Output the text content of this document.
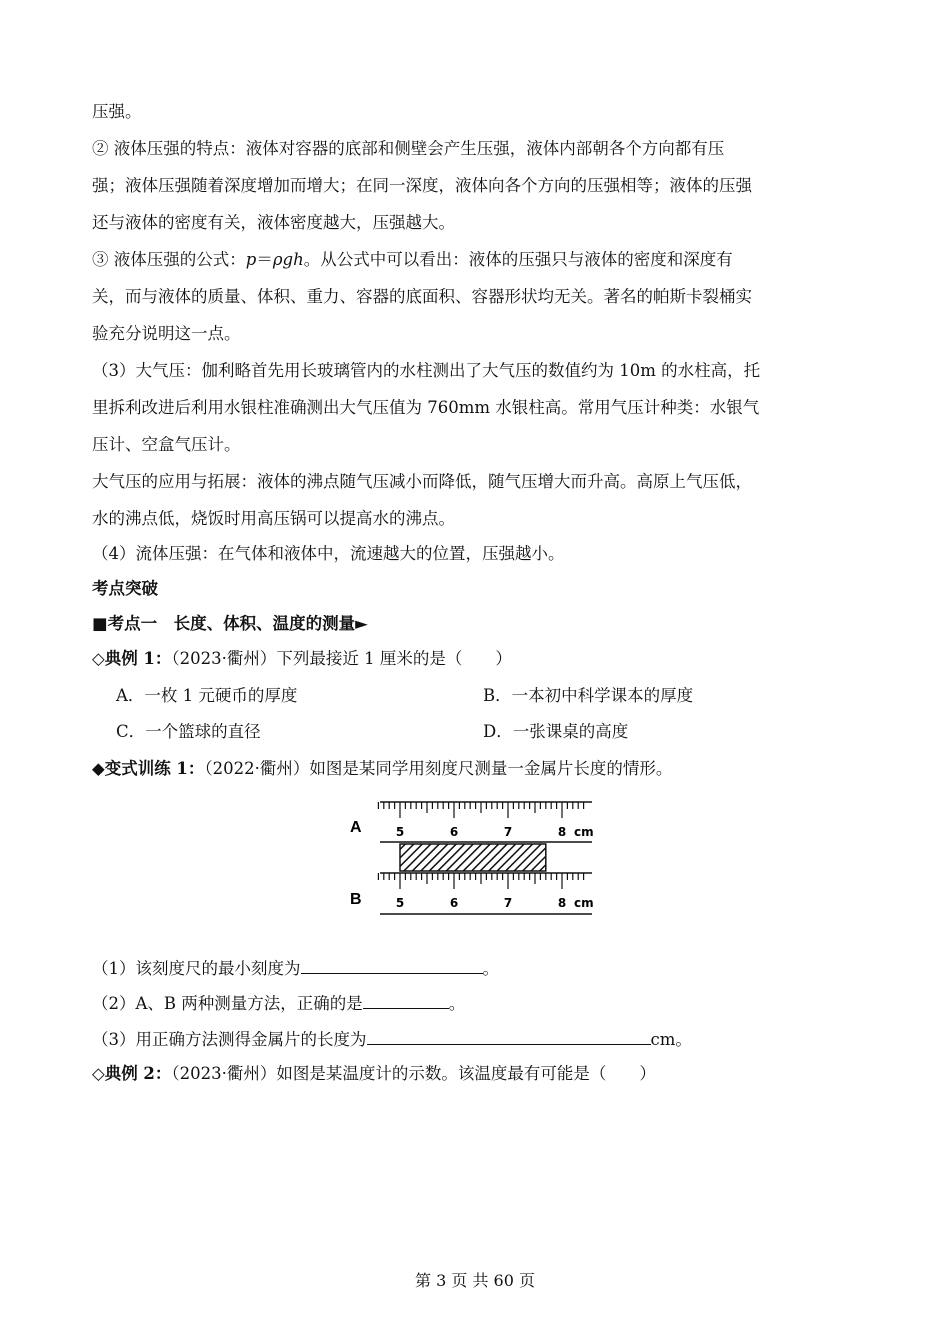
压强。
② 液体压强的特点：液体对容器的底部和侧壁会产生压强，液体内部朝各个方向都有压
强；液体压强随着深度增加而增大；在同一深度，液体向各个方向的压强相等；液体的压强
还与液体的密度有关，液体密度越大，压强越大。
③ 液体压强的公式：p＝ρgh。从公式中可以看出：液体的压强只与液体的密度和深度有
关，而与液体的质量、体积、重力、容器的底面积、容器形状均无关。著名的帕斯卡裂桶实
验充分说明这一点。
（3）大气压：伽利略首先用长玻璃管内的水柱测出了大气压的数值约为 10m 的水柱高，托
里拆利改进后利用水银柱准确测出大气压值为 760mm 水银柱高。常用气压计种类：水银气
压计、空盒气压计。
大气压的应用与拓展：液体的沸点随气压减小而降低，随气压增大而升高。高原上气压低，
水的沸点低，烧饭时用高压锅可以提高水的沸点。
（4）流体压强：在气体和液体中，流速越大的位置，压强越小。
考点突破
■考点一　长度、体积、温度的测量►
◇典例 1：（2023·衢州）下列最接近 1 厘米的是（　　）
A．一枚 1 元硬币的厚度	B．一本初中科学课本的厚度
C．一个篮球的直径	D．一张课桌的高度
◆变式训练 1：（2022·衢州）如图是某同学用刻度尺测量一金属片长度的情形。
A	5	6	7	8 cm
B	5	6	7	8 cm
（1）该刻度尺的最小刻度为	。
（2）A、B 两种测量方法，正确的是	。
（3）用正确方法测得金属片的长度为	cm。
◇典例 2：（2023·衢州）如图是某温度计的示数。该温度最有可能是（　　）
第 3 页 共 60 页
